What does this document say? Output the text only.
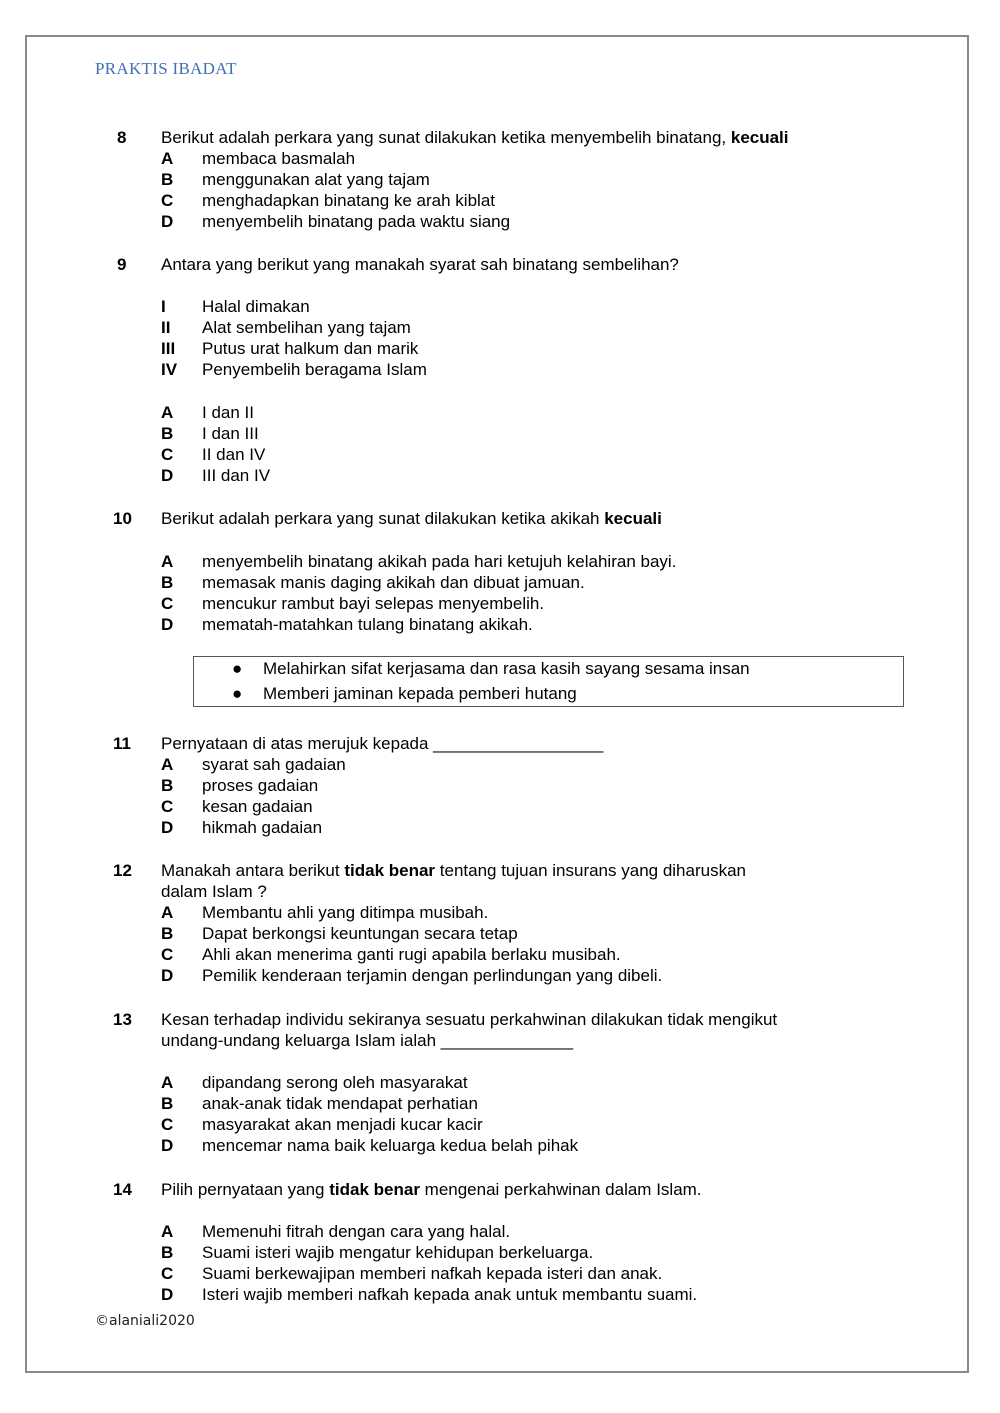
PRAKTIS IBADAT
8 Berikut adalah perkara yang sunat dilakukan ketika menyembelih binatang, kecuali
A membaca basmalah
B menggunakan alat yang tajam
C menghadapkan binatang ke arah kiblat
D menyembelih binatang pada waktu siang
9 Antara yang berikut yang manakah syarat sah binatang sembelihan?
I Halal dimakan
II Alat sembelihan yang tajam
III Putus urat halkum dan marik
IV Penyembelih beragama Islam
A I dan II
B I dan III
C II dan IV
D III dan IV
10 Berikut adalah perkara yang sunat dilakukan ketika akikah kecuali
A menyembelih binatang akikah pada hari ketujuh kelahiran bayi.
B memasak manis daging akikah dan dibuat jamuan.
C mencukur rambut bayi selepas menyembelih.
D mematah-matahkan tulang binatang akikah.
● Melahirkan sifat kerjasama dan rasa kasih sayang sesama insan
● Memberi jaminan kepada pemberi hutang
11 Pernyataan di atas merujuk kepada __________________
A syarat sah gadaian
B proses gadaian
C kesan gadaian
D hikmah gadaian
12 Manakah antara berikut tidak benar tentang tujuan insurans yang diharuskan
dalam Islam ?
A Membantu ahli yang ditimpa musibah.
B Dapat berkongsi keuntungan secara tetap
C Ahli akan menerima ganti rugi apabila berlaku musibah.
D Pemilik kenderaan terjamin dengan perlindungan yang dibeli.
13 Kesan terhadap individu sekiranya sesuatu perkahwinan dilakukan tidak mengikut
undang-undang keluarga Islam ialah ______________
A dipandang serong oleh masyarakat
B anak-anak tidak mendapat perhatian
C masyarakat akan menjadi kucar kacir
D mencemar nama baik keluarga kedua belah pihak
14 Pilih pernyataan yang tidak benar mengenai perkahwinan dalam Islam.
A Memenuhi fitrah dengan cara yang halal.
B Suami isteri wajib mengatur kehidupan berkeluarga.
C Suami berkewajipan memberi nafkah kepada isteri dan anak.
D Isteri wajib memberi nafkah kepada anak untuk membantu suami.
©alaniali2020
